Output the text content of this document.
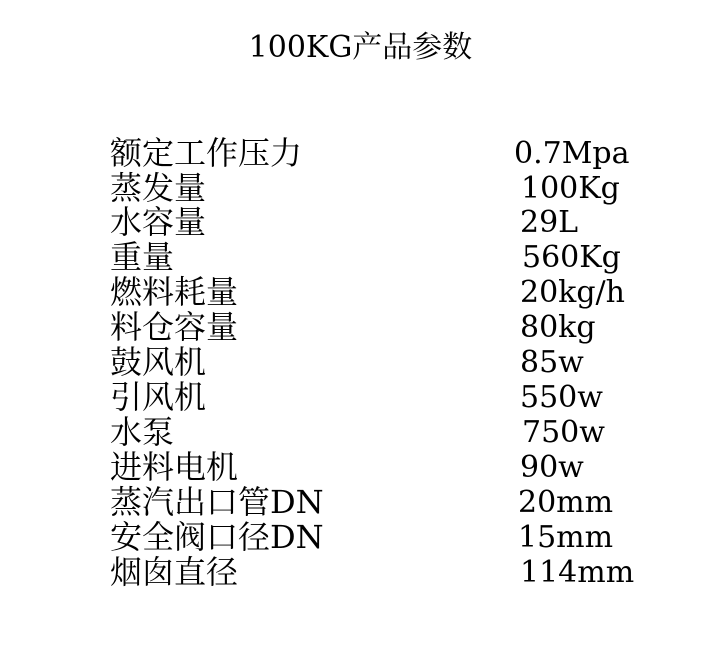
100KG产品参数
额定工作压力	0.7Mpa
蒸发量	100Kg
水容量	29L
重量	560Kg
燃料耗量	20kg/h
料仓容量	80kg
鼓风机	85w
引风机	550w
水泵	750w
进料电机	90w
蒸汽出口管DN	20mm
安全阀口径DN	15mm
烟囱直径	114mm
